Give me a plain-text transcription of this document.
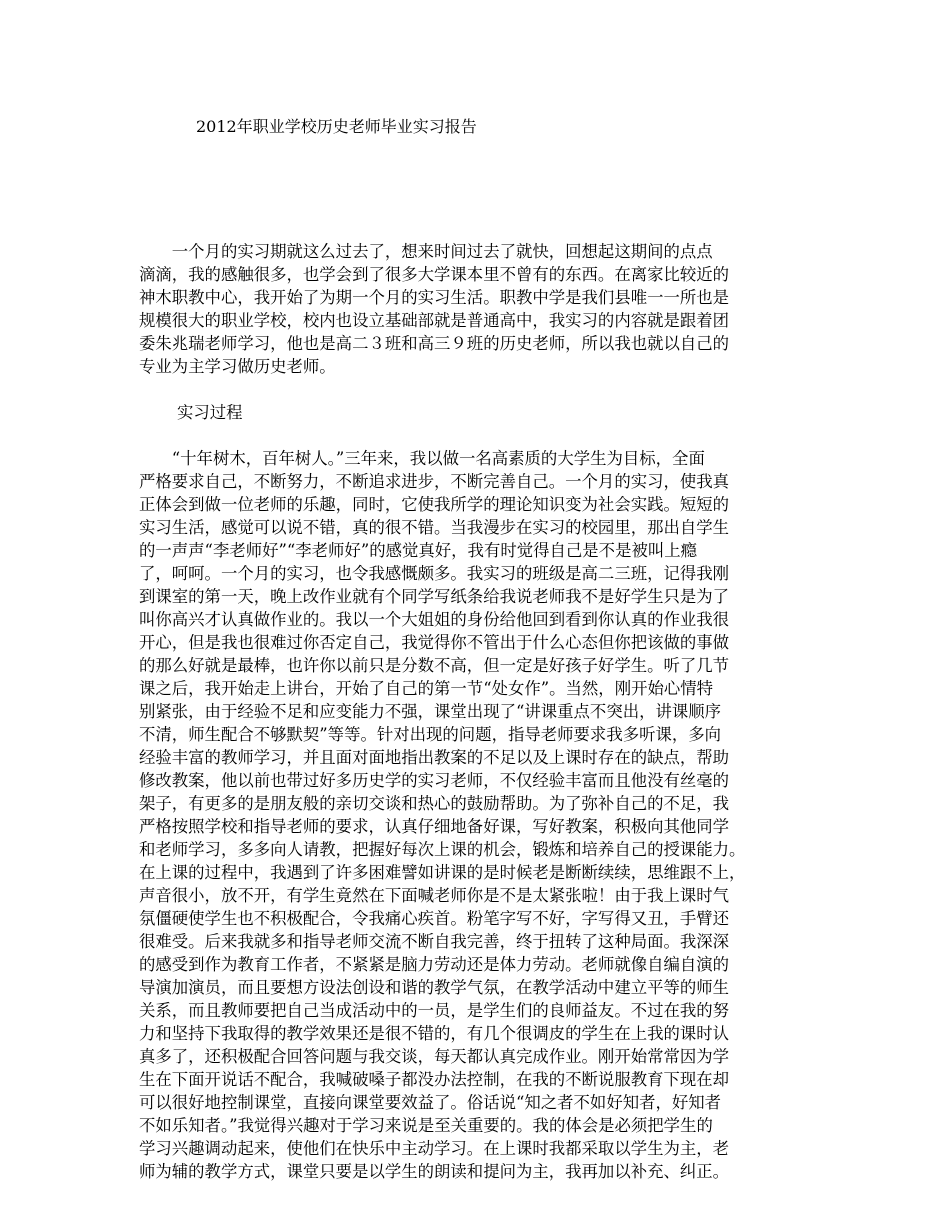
2012年职业学校历史老师毕业实习报告
　　一个月的实习期就这么过去了，想来时间过去了就快，回想起这期间的点点
滴滴，我的感触很多，也学会到了很多大学课本里不曾有的东西。在离家比较近的
神木职教中心，我开始了为期一个月的实习生活。职教中学是我们县唯一一所也是
规模很大的职业学校，校内也设立基础部就是普通高中，我实习的内容就是跟着团
委朱兆瑞老师学习，他也是高二３班和高三９班的历史老师，所以我也就以自己的
专业为主学习做历史老师。
实习过程
　　“十年树木，百年树人。”三年来，我以做一名高素质的大学生为目标，全面
严格要求自己，不断努力，不断追求进步，不断完善自己。一个月的实习，使我真
正体会到做一位老师的乐趣，同时，它使我所学的理论知识变为社会实践。短短的
实习生活，感觉可以说不错，真的很不错。当我漫步在实习的校园里，那出自学生
的一声声“李老师好”“李老师好”的感觉真好，我有时觉得自己是不是被叫上瘾
了，呵呵。一个月的实习，也令我感慨颇多。我实习的班级是高二三班，记得我刚
到课室的第一天，晚上改作业就有个同学写纸条给我说老师我不是好学生只是为了
叫你高兴才认真做作业的。我以一个大姐姐的身份给他回到看到你认真的作业我很
开心，但是我也很难过你否定自己，我觉得你不管出于什么心态但你把该做的事做
的那么好就是最棒，也许你以前只是分数不高，但一定是好孩子好学生。听了几节
课之后，我开始走上讲台，开始了自己的第一节“处女作”。当然，刚开始心情特
别紧张，由于经验不足和应变能力不强，课堂出现了“讲课重点不突出，讲课顺序
不清，师生配合不够默契”等等。针对出现的问题，指导老师要求我多听课，多向
经验丰富的教师学习，并且面对面地指出教案的不足以及上课时存在的缺点，帮助
修改教案，他以前也带过好多历史学的实习老师，不仅经验丰富而且他没有丝毫的
架子，有更多的是朋友般的亲切交谈和热心的鼓励帮助。为了弥补自己的不足，我
严格按照学校和指导老师的要求，认真仔细地备好课，写好教案，积极向其他同学
和老师学习，多多向人请教，把握好每次上课的机会，锻炼和培养自己的授课能力。
在上课的过程中，我遇到了许多困难譬如讲课的是时候老是断断续续，思维跟不上，
声音很小，放不开，有学生竟然在下面喊老师你是不是太紧张啦！由于我上课时气
氛僵硬使学生也不积极配合，令我痛心疾首。粉笔字写不好，字写得又丑，手臂还
很难受。后来我就多和指导老师交流不断自我完善，终于扭转了这种局面。我深深
的感受到作为教育工作者，不紧紧是脑力劳动还是体力劳动。老师就像自编自演的
导演加演员，而且要想方设法创设和谐的教学气氛，在教学活动中建立平等的师生
关系，而且教师要把自己当成活动中的一员，是学生们的良师益友。不过在我的努
力和坚持下我取得的教学效果还是很不错的，有几个很调皮的学生在上我的课时认
真多了，还积极配合回答问题与我交谈，每天都认真完成作业。刚开始常常因为学
生在下面开说话不配合，我喊破嗓子都没办法控制，在我的不断说服教育下现在却
可以很好地控制课堂，直接向课堂要效益了。俗话说“知之者不如好知者，好知者
不如乐知者。”我觉得兴趣对于学习来说是至关重要的。我的体会是必须把学生的
学习兴趣调动起来，使他们在快乐中主动学习。在上课时我都采取以学生为主，老
师为辅的教学方式，课堂只要是以学生的朗读和提问为主，我再加以补充、纠正。
